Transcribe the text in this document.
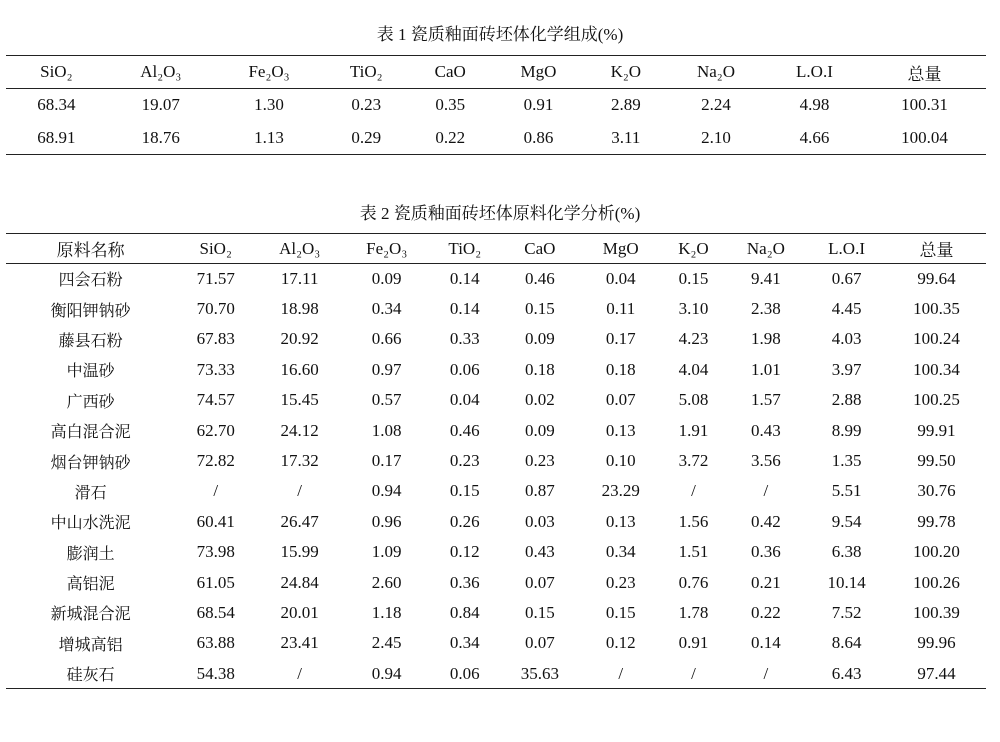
表 1 瓷质釉面砖坯体化学组成(%)
SiO₂	Al₂O₃	Fe₂O₃	TiO₂	CaO	MgO	K₂O	Na₂O	L.O.I	总量
68.34	19.07	1.30	0.23	0.35	0.91	2.89	2.24	4.98	100.31
68.91	18.76	1.13	0.29	0.22	0.86	3.11	2.10	4.66	100.04
表 2 瓷质釉面砖坯体原料化学分析(%)
原料名称	SiO₂	Al₂O₃	Fe₂O₃	TiO₂	CaO	MgO	K₂O	Na₂O	L.O.I	总量
四会石粉	71.57	17.11	0.09	0.14	0.46	0.04	0.15	9.41	0.67	99.64
衡阳钾钠砂	70.70	18.98	0.34	0.14	0.15	0.11	3.10	2.38	4.45	100.35
藤县石粉	67.83	20.92	0.66	0.33	0.09	0.17	4.23	1.98	4.03	100.24
中温砂	73.33	16.60	0.97	0.06	0.18	0.18	4.04	1.01	3.97	100.34
广西砂	74.57	15.45	0.57	0.04	0.02	0.07	5.08	1.57	2.88	100.25
高白混合泥	62.70	24.12	1.08	0.46	0.09	0.13	1.91	0.43	8.99	99.91
烟台钾钠砂	72.82	17.32	0.17	0.23	0.23	0.10	3.72	3.56	1.35	99.50
滑石	/	/	0.94	0.15	0.87	23.29	/	/	5.51	30.76
中山水洗泥	60.41	26.47	0.96	0.26	0.03	0.13	1.56	0.42	9.54	99.78
膨润土	73.98	15.99	1.09	0.12	0.43	0.34	1.51	0.36	6.38	100.20
高铝泥	61.05	24.84	2.60	0.36	0.07	0.23	0.76	0.21	10.14	100.26
新城混合泥	68.54	20.01	1.18	0.84	0.15	0.15	1.78	0.22	7.52	100.39
增城高铝	63.88	23.41	2.45	0.34	0.07	0.12	0.91	0.14	8.64	99.96
硅灰石	54.38	/	0.94	0.06	35.63	/	/	/	6.43	97.44
